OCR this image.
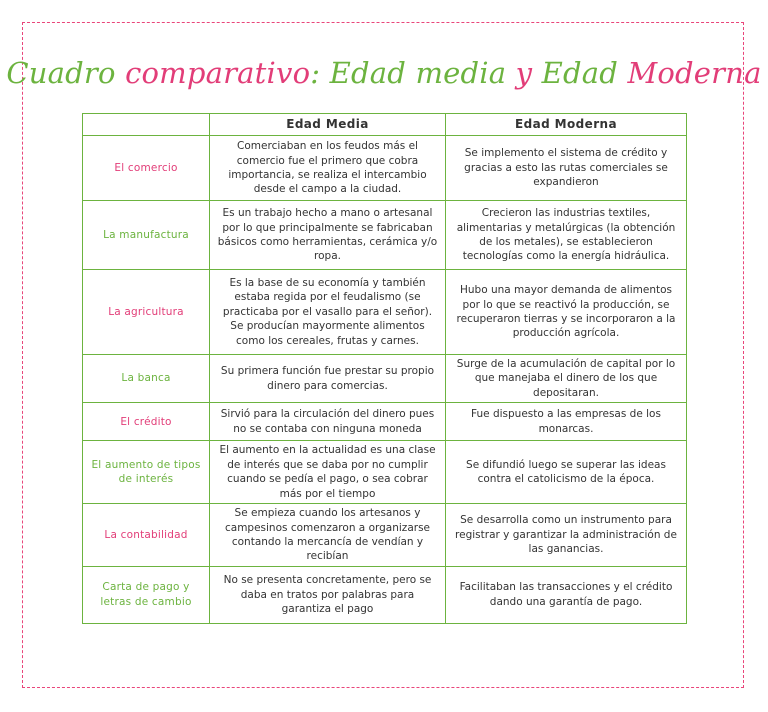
Cuadro comparativo: Edad media y Edad Moderna
	Edad Media	Edad Moderna
El comercio	Comerciaban en los feudos más el comercio fue el primero que cobra importancia, se realiza el intercambio desde el campo a la ciudad.	Se implemento el sistema de crédito y gracias a esto las rutas comerciales se expandieron
La manufactura	Es un trabajo hecho a mano o artesanal por lo que principalmente se fabricaban básicos como herramientas, cerámica y/o ropa.	Crecieron las industrias textiles, alimentarias y metalúrgicas (la obtención de los metales), se establecieron tecnologías como la energía hidráulica.
La agricultura	Es la base de su economía y también estaba regida por el feudalismo (se practicaba por el vasallo para el señor). Se producían mayormente alimentos como los cereales, frutas y carnes.	Hubo una mayor demanda de alimentos por lo que se reactivó la producción, se recuperaron tierras y se incorporaron a la producción agrícola.
La banca	Su primera función fue prestar su propio dinero para comercias.	Surge de la acumulación de capital por lo que manejaba el dinero de los que depositaran.
El crédito	Sirvió para la circulación del dinero pues no se contaba con ninguna moneda	Fue dispuesto a las empresas de los monarcas.
El aumento de tipos de interés	El aumento en la actualidad es una clase de interés que se daba por no cumplir cuando se pedía el pago, o sea cobrar más por el tiempo	Se difundió luego se superar las ideas contra el catolicismo de la época.
La contabilidad	Se empieza cuando los artesanos y campesinos comenzaron a organizarse contando la mercancía de vendían y recibían	Se desarrolla como un instrumento para registrar y garantizar la administración de las ganancias.
Carta de pago y letras de cambio	No se presenta concretamente, pero se daba en tratos por palabras para garantiza el pago	Facilitaban las transacciones y el crédito dando una garantía de pago.
